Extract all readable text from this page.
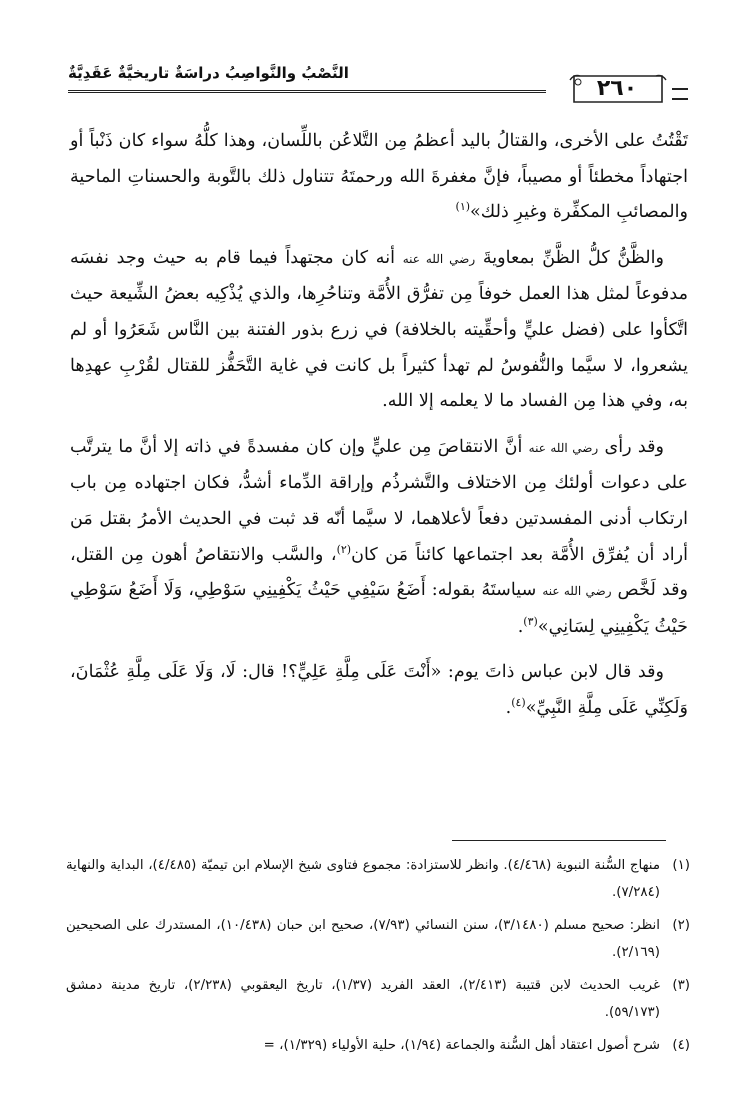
النَّصْبُ والنَّواصِبُ دراسَةٌ تاريخيَّةٌ عَقَدِيَّةٌ
٢٦٠

تَقْتُتُ على الأخرى، والقتالُ باليد أعظمُ مِن التَّلاعُن باللِّسان، وهذا كلُّهُ سواء كان ذَنْباً أو اجتهاداً مخطئاً أو مصيباً، فإنَّ مغفرةَ الله ورحمتَهُ تتناول ذلك بالتَّوبة والحسناتِ الماحية والمصائبِ المكفِّرة وغيرِ ذلك»$^{(١)}$

والظَّنُّ كلُّ الظَّنِّ بمعاويةَ رضي الله عنه أنه كان مجتهداً فيما قام به حيث وجد نفسَه مدفوعاً لمثل هذا العمل خوفاً مِن تفرُّق الأُمَّة وتناحُرِها، والذي يُذْكِيه بعضُ الشِّيعة حيث اتَّكأوا على (فضل عليٍّ وأحقِّيته بالخلافة) في زرع بذور الفتنة بين النَّاس شَعَرُوا أو لم يشعروا، لا سيَّما والنُّفوسُ لم تهدأ كثيراً بل كانت في غاية التَّحَفُّز للقتال لقُرْبِ عهدِها به، وفي هذا مِن الفساد ما لا يعلمه إلا الله.

وقد رأى رضي الله عنه أنَّ الانتقاصَ مِن عليٍّ وإن كان مفسدةً في ذاته إلا أنَّ ما يترتَّب على دعوات أولئك مِن الاختلاف والتَّشرذُم وإراقة الدِّماء أشدُّ، فكان اجتهاده مِن باب ارتكاب أدنى المفسدتين دفعاً لأعلاهما، لا سيَّما أنّه قد ثبت في الحديث الأمرُ بقتل مَن أراد أن يُفرِّق الأُمَّة بعد اجتماعها كائناً مَن كان$^{(٢)}$، والسَّب والانتقاصُ أهون مِن القتل، وقد لَخَّص رضي الله عنه سياستَهُ بقوله: أَضَعُ سَيْفِي حَيْثُ يَكْفِينِي سَوْطِي، وَلَا أَضَعُ سَوْطِي حَيْثُ يَكْفِينِي لِسَانِي»$^{(٣)}$.

وقد قال لابن عباس ذاتَ يوم: «أَنْتَ عَلَى مِلَّةِ عَلِيٍّ؟! قال: لَا، وَلَا عَلَى مِلَّةِ عُثْمَانَ، وَلَكِنِّي عَلَى مِلَّةِ النَّبِيِّ»$^{(٤)}$.

(١)
منهاج السُّنة النبوية (٤/٤٦٨). وانظر للاستزادة: مجموع فتاوى شيخ الإسلام ابن تيميّة (٤/٤٨٥)، البداية والنهاية (٧/٢٨٤).
(٢)
انظر: صحيح مسلم (٣/١٤٨٠)، سنن النسائي (٧/٩٣)، صحيح ابن حبان (١٠/٤٣٨)، المستدرك على الصحيحين (٢/١٦٩).
(٣)
غريب الحديث لابن قتيبة (٢/٤١٣)، العقد الفريد (١/٣٧)، تاريخ اليعقوبي (٢/٢٣٨)، تاريخ مدينة دمشق (٥٩/١٧٣).
(٤)
شرح أصول اعتقاد أهل السُّنة والجماعة (١/٩٤)، حلية الأولياء (١/٣٢٩)، =
